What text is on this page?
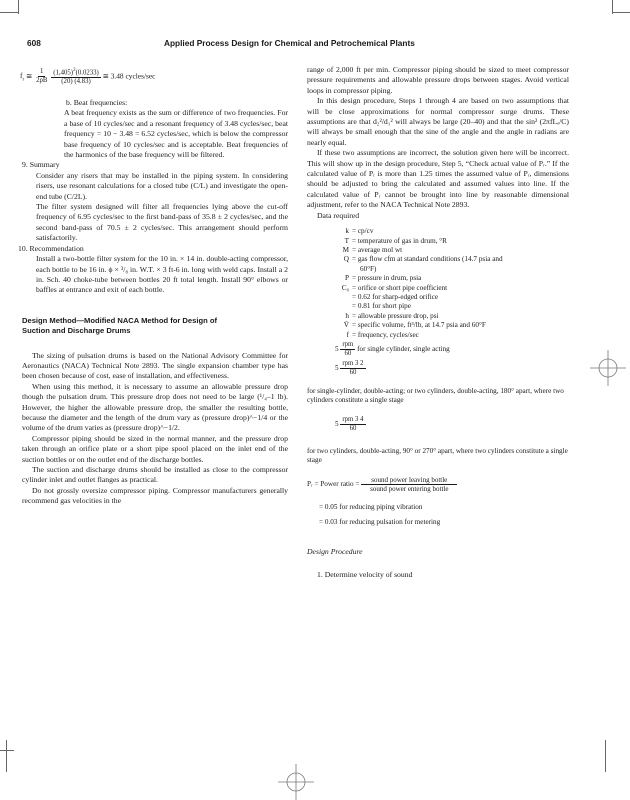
608	Applied Process Design for Chemical and Petrochemical Plants
$f_r$ ≅ $\frac{1}{2\rho B}$
$\frac{(1,405)^2(0.0233)}{(20) (4.83)}$ ≅ 3.48 cycles/sec

b. Beat frequencies:

A beat frequency exists as the sum or difference of two frequencies. For a base of 10 cycles/sec and a resonant frequency of 3.48 cycles/sec, beat frequency = 10 − 3.48 = 6.52 cycles/sec, which is below the compressor base frequency of 10 cycles/sec and is acceptable. Beat frequencies of the harmonics of the base frequency will be filtered.

9. Summary

Consider any risers that may be installed in the piping system. In considering risers, use resonant calculations for a closed tube (C/L) and investigate the open-end tube (C/2L).

The filter system designed will filter all frequencies lying above the cut-off frequency of 6.95 cycles/sec to the first band-pass of 35.8 ± 2 cycles/sec, and the second band-pass of 70.5 ± 2 cycles/sec. This arrangement should perform satisfactorily.

10. Recommendation

Install a two-bottle filter system for the 10 in. × 14 in. double-acting compressor, each bottle to be 16 in. ϕ × ³/₈ in. W.T. × 3 ft-6 in. long with weld caps. Install a 2 in. Sch. 40 choke-tube between bottles 20 ft total length. Install 90° elbows or baffles at entrance and exit of each bottle.

Design Method—Modified NACA Method for Design of

Suction and Discharge Drums

The sizing of pulsation drums is based on the National Advisory Committee for Aeronautics (NACA) Technical Note 2893. The single expansion chamber type has been chosen because of cost, ease of installation, and effectiveness.

When using this method, it is necessary to assume an allowable pressure drop though the pulsation drum. This pressure drop does not need to be large (¹/₄–1 lb). However, the higher the allowable pressure drop, the smaller the resulting bottle, because the diameter and the length of the drum vary as (pressure drop)^−1/4 or the volume of the drum varies as (pressure drop)^−1/2.

Compressor piping should be sized in the normal manner, and the pressure drop taken through an orifice plate or a short pipe spool placed on the inlet end of the suction bottles or on the outlet end of the discharge bottles.

The suction and discharge drums should be installed as close to the compressor cylinder inlet and outlet flanges as practical.

Do not grossly oversize compressor piping. Compressor manufacturers generally recommend gas velocities in the

range of 2,000 ft per min. Compressor piping should be sized to meet compressor pressure requirements and allowable pressure drops between stages. Avoid vertical loops in compressor piping.

In this design procedure, Steps 1 through 4 are based on two assumptions that will be close approximations for normal compressor surge drums. These assumptions are that d₂²/d₁² will always be large (20–40) and that the sin² (2πfLₑ/C) will always be small enough that the sine of the angle and the angle in radians are nearly equal.

If these two assumptions are incorrect, the solution given here will be incorrect. This will show up in the design procedure, Step 5, “Check actual value of Pᵣ.” If the calculated value of Pᵣ is more than 1.25 times the assumed value of Pᵣ, dimensions should be adjusted to bring the calculated and assumed values into line. If the calculated value of Pᵣ cannot be brought into line by reasonable dimensional adjustment, refer to the NACA Technical Note 2893.

Data required

k = cp/cv
T = temperature of gas in drum, °R
M = average mol wt
Q = gas flow cfm at standard conditions (14.7 psia and
60°F)
P = pressure in drum, psia
C₀ = orifice or short pipe coefficient
= 0.62 for sharp-edged orifice
= 0.81 for short pipe
h = allowable pressure drop, psi
V̄ = specific volume, ft³/lb, at 14.7 psia and 60°F
f = frequency, cycles/sec
$5 \frac{\text{rpm}}{60}$ for single cylinder, single acting
$5 \frac{\text{rpm 3 2}}{60}$

for single-cylinder, double-acting; or two cylinders, double-acting, 180° apart, where two cylinders constitute a single stage

$5 \frac{\text{rpm 3 4}}{60}$

for two cylinders, double-acting, 90° or 270° apart, where two cylinders constitute a single stage

Pᵣ = Power ratio = $\frac{\text{sound power leaving bottle}}{\text{sound power entering bottle}}$

= 0.05 for reducing piping vibration

= 0.03 for reducing pulsation for metering

Design Procedure

1. Determine velocity of sound
